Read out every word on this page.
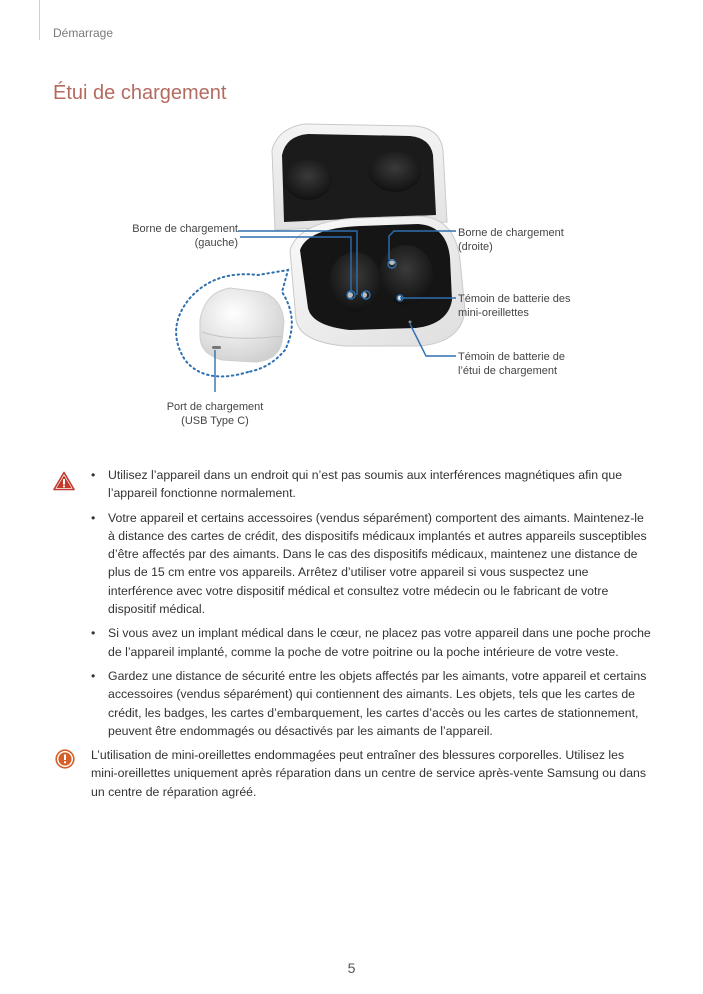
Démarrage
Étui de chargement
Borne de chargement
(gauche)
Borne de chargement
(droite)
Témoin de batterie des
mini-oreillettes
Témoin de batterie de
l’étui de chargement
Port de chargement
(USB Type C)
• Utilisez l’appareil dans un endroit qui n’est pas soumis aux interférences magnétiques afin que l’appareil fonctionne normalement.
• Votre appareil et certains accessoires (vendus séparément) comportent des aimants. Maintenez-le à distance des cartes de crédit, des dispositifs médicaux implantés et autres appareils susceptibles d’être affectés par des aimants. Dans le cas des dispositifs médicaux, maintenez une distance de plus de 15 cm entre vos appareils. Arrêtez d’utiliser votre appareil si vous suspectez une interférence avec votre dispositif médical et consultez votre médecin ou le fabricant de votre dispositif médical.
• Si vous avez un implant médical dans le cœur, ne placez pas votre appareil dans une poche proche de l’appareil implanté, comme la poche de votre poitrine ou la poche intérieure de votre veste.
• Gardez une distance de sécurité entre les objets affectés par les aimants, votre appareil et certains accessoires (vendus séparément) qui contiennent des aimants. Les objets, tels que les cartes de crédit, les badges, les cartes d’embarquement, les cartes d’accès ou les cartes de stationnement, peuvent être endommagés ou désactivés par les aimants de l’appareil.
L’utilisation de mini-oreillettes endommagées peut entraîner des blessures corporelles. Utilisez les mini-oreillettes uniquement après réparation dans un centre de service après-vente Samsung ou dans un centre de réparation agréé.
5
